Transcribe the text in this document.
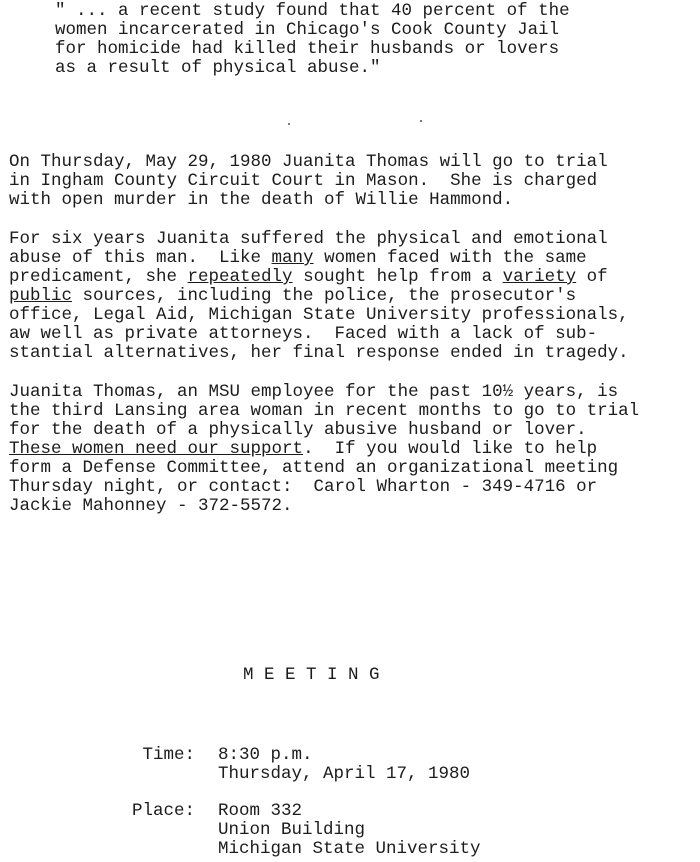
" ... a recent study found that 40 percent of the
women incarcerated in Chicago's Cook County Jail
for homicide had killed their husbands or lovers
as a result of physical abuse."
On Thursday, May 29, 1980 Juanita Thomas will go to trial
in Ingham County Circuit Court in Mason.  She is charged
with open murder in the death of Willie Hammond.
For six years Juanita suffered the physical and emotional
abuse of this man.  Like many women faced with the same
predicament, she repeatedly sought help from a variety of
public sources, including the police, the prosecutor's
office, Legal Aid, Michigan State University professionals,
aw well as private attorneys.  Faced with a lack of sub-
stantial alternatives, her final response ended in tragedy.
Juanita Thomas, an MSU employee for the past 10½ years, is
the third Lansing area woman in recent months to go to trial
for the death of a physically abusive husband or lover.
These women need our support.  If you would like to help
form a Defense Committee, attend an organizational meeting
Thursday night, or contact:  Carol Wharton - 349-4716 or
Jackie Mahonney - 372-5572.
M E E T I N G
Time: 8:30 p.m.
Thursday, April 17, 1980
Place: Room 332
Union Building
Michigan State University
